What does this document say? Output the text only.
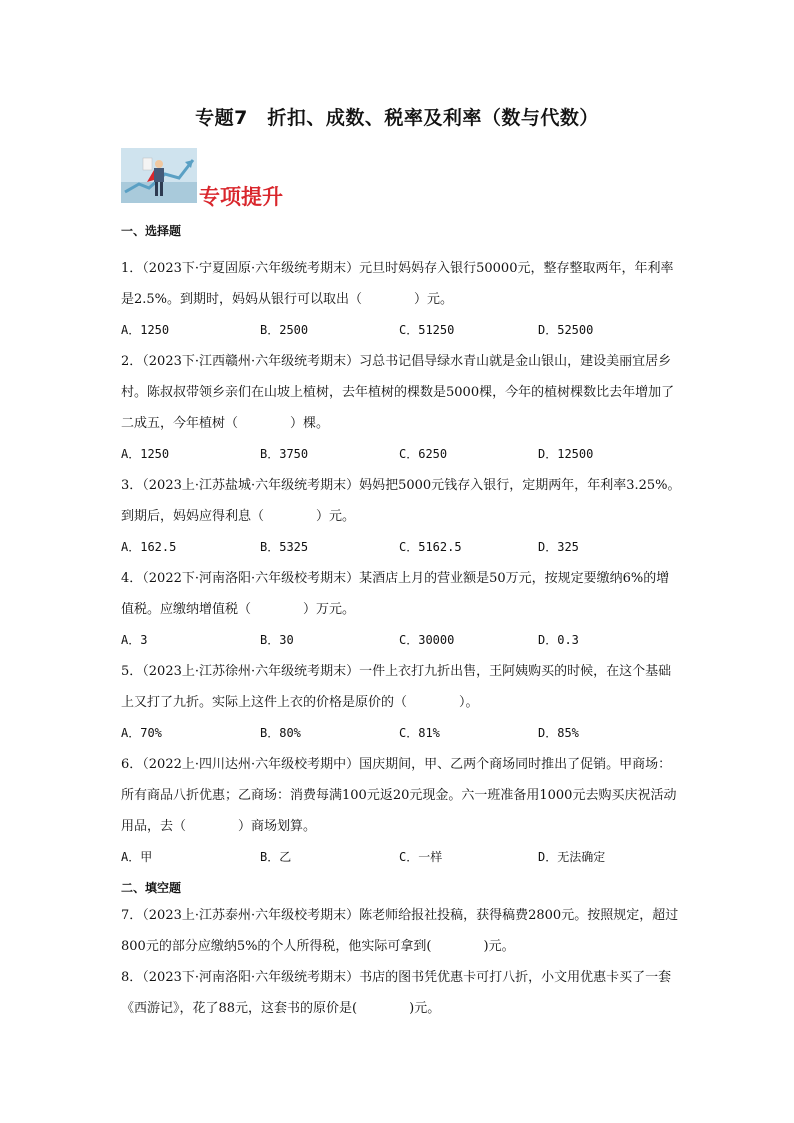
专题7　折扣、成数、税率及利率（数与代数）
专项提升
一、选择题

1．（2023下·宁夏固原·六年级统考期末）元旦时妈妈存入银行50000元，整存整取两年，年利率是2.5%。到期时，妈妈从银行可以取出（	）元。

A．1250	B．2500	C．51250	D．52500

2．（2023下·江西赣州·六年级统考期末）习总书记倡导绿水青山就是金山银山，建设美丽宜居乡村。陈叔叔带领乡亲们在山坡上植树，去年植树的棵数是5000棵，今年的植树棵数比去年增加了二成五，今年植树（	）棵。

A．1250	B．3750	C．6250	D．12500

3．（2023上·江苏盐城·六年级统考期末）妈妈把5000元钱存入银行，定期两年，年利率3.25%。到期后，妈妈应得利息（	）元。

A．162.5	B．5325	C．5162.5	D．325

4．（2022下·河南洛阳·六年级校考期末）某酒店上月的营业额是50万元，按规定要缴纳6%的增值税。应缴纳增值税（	）万元。

A．3	B．30	C．30000	D．0.3

5．（2023上·江苏徐州·六年级统考期末）一件上衣打九折出售，王阿姨购买的时候，在这个基础上又打了九折。实际上这件上衣的价格是原价的（	）。

A．70%	B．80%	C．81%	D．85%

6．（2022上·四川达州·六年级校考期中）国庆期间，甲、乙两个商场同时推出了促销。甲商场：所有商品八折优惠；乙商场：消费每满100元返20元现金。六一班准备用1000元去购买庆祝活动用品，去（	）商场划算。

A．甲	B．乙	C．一样	D．无法确定
二、填空题

7．（2023上·江苏泰州·六年级校考期末）陈老师给报社投稿，获得稿费2800元。按照规定，超过800元的部分应缴纳5%的个人所得税，他实际可拿到(	)元。

8．（2023下·河南洛阳·六年级统考期末）书店的图书凭优惠卡可打八折，小文用优惠卡买了一套《西游记》，花了88元，这套书的原价是(	)元。
